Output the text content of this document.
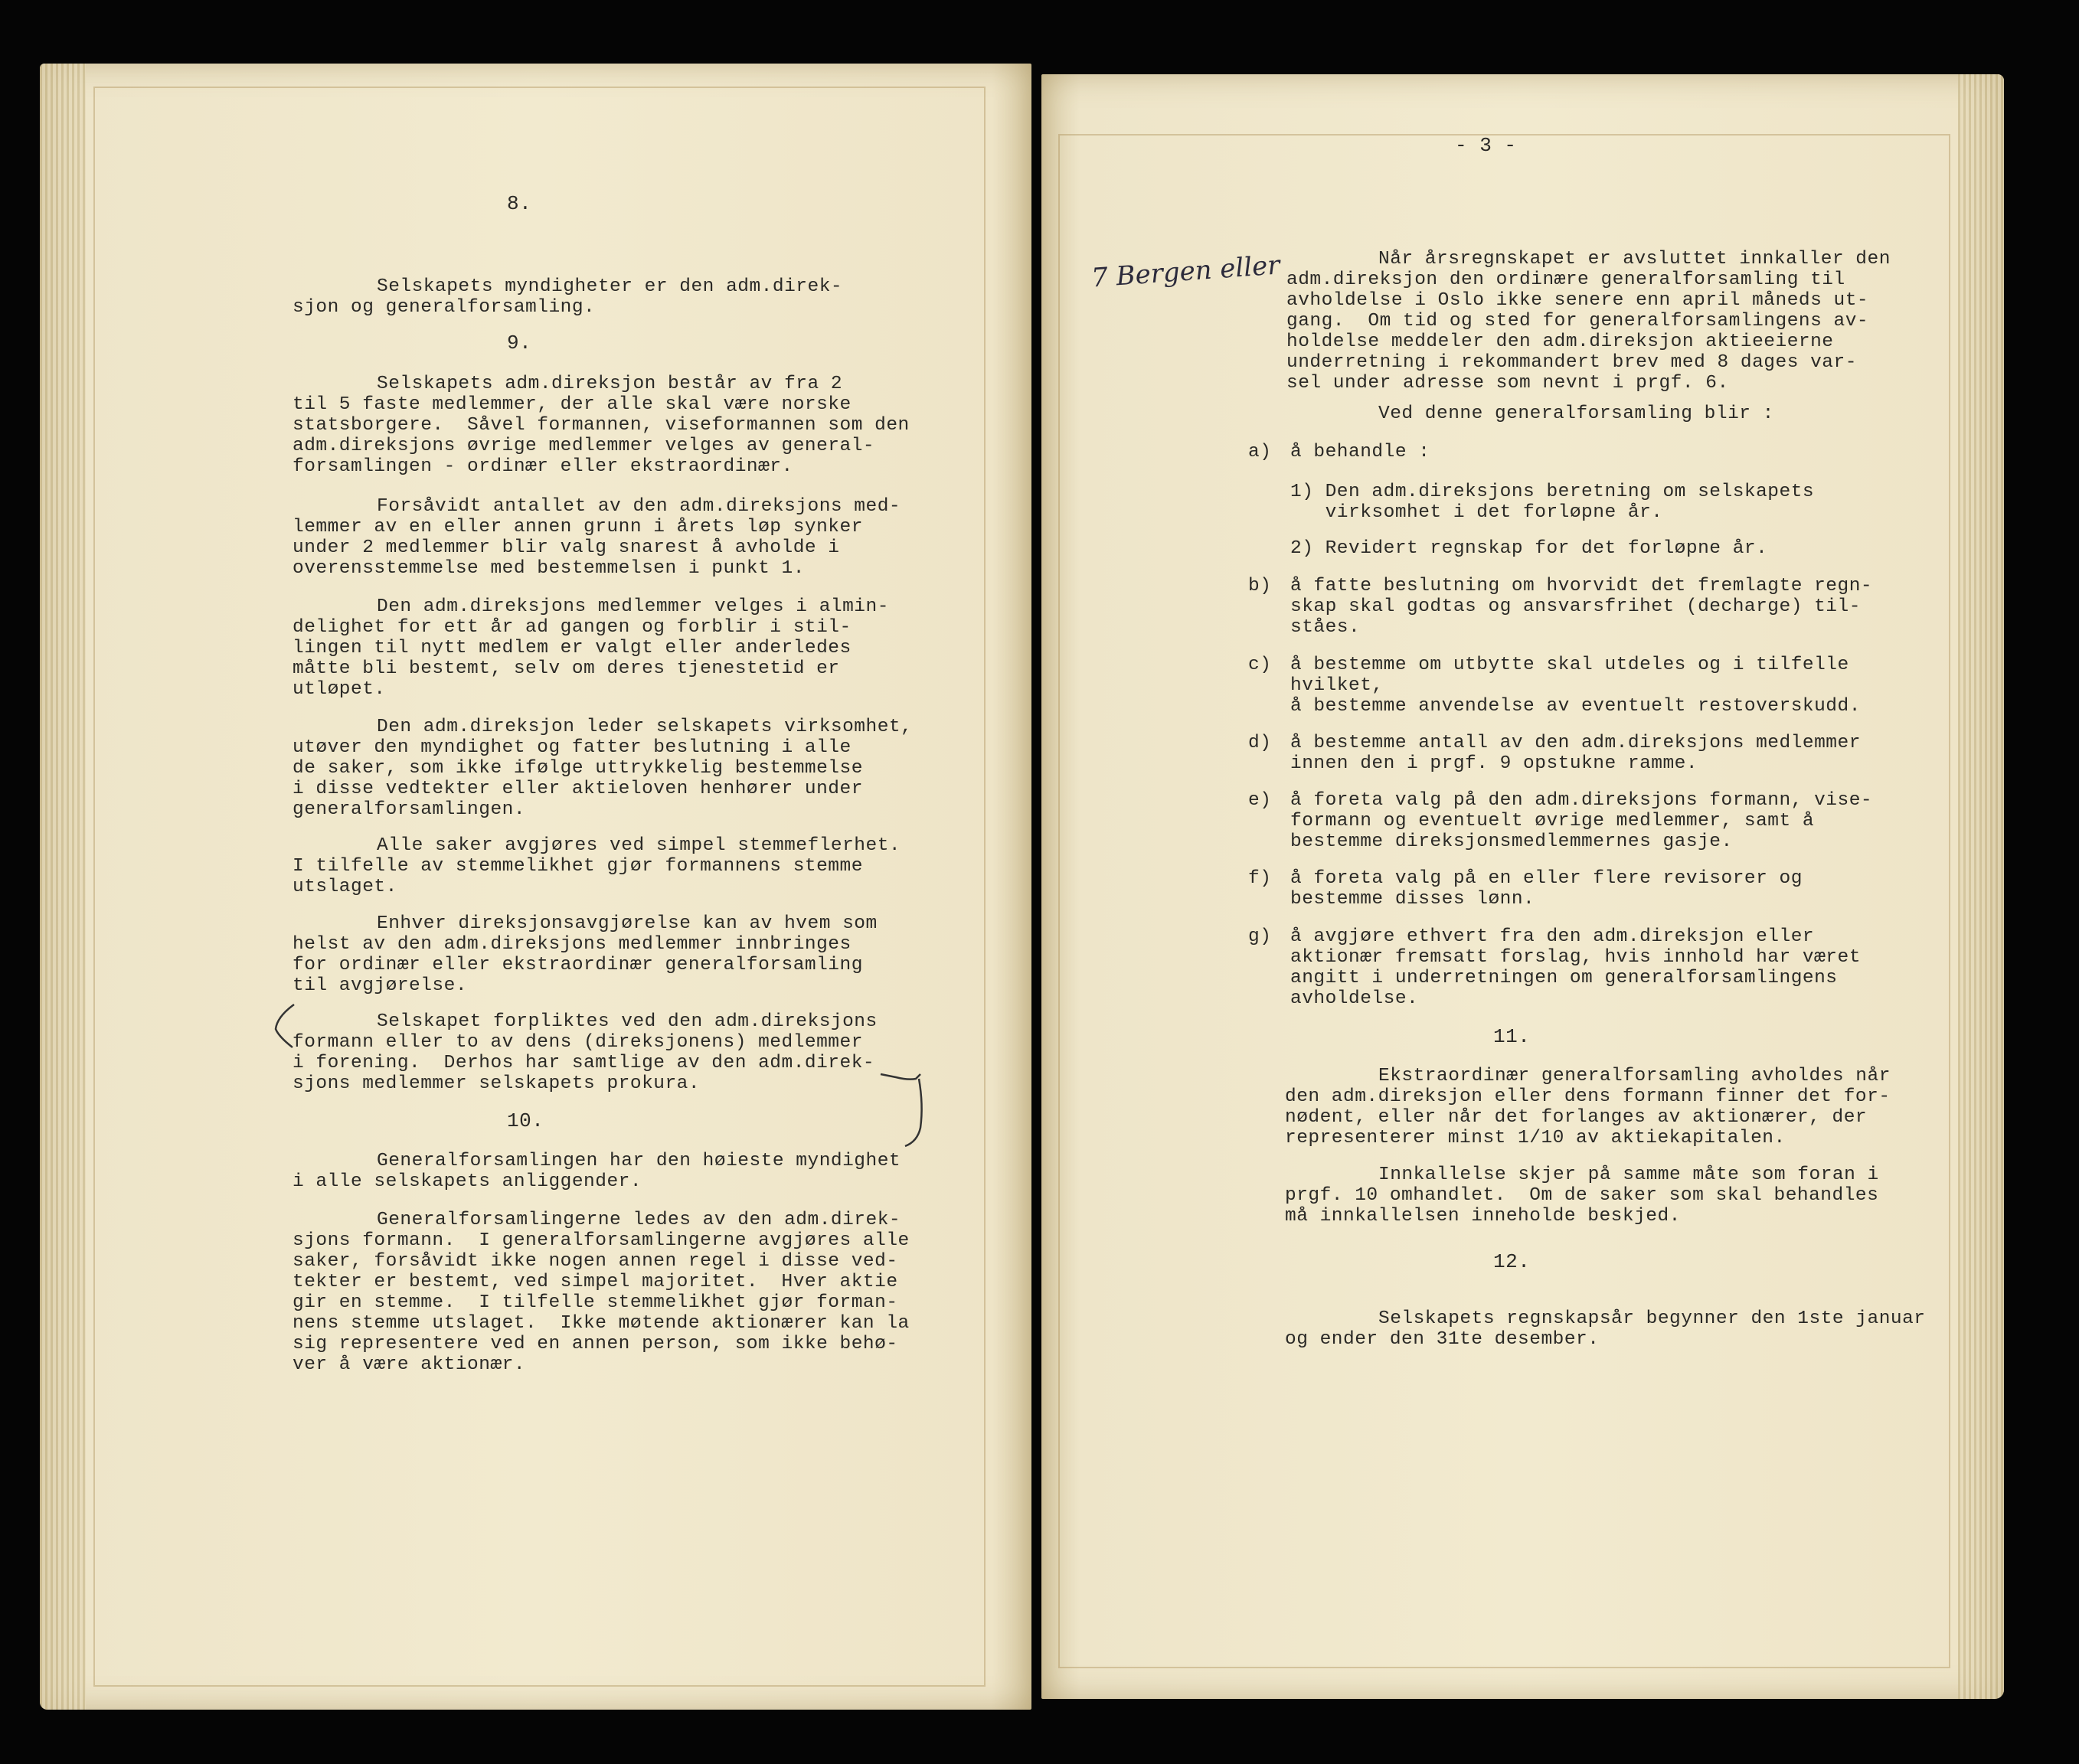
8.

Selskapets myndigheter er den adm.direk-

sjon og generalforsamling.

9.

Selskapets adm.direksjon består av fra 2

til 5 faste medlemmer, der alle skal være norske

statsborgere.  Såvel formannen, viseformannen som den

adm.direksjons øvrige medlemmer velges av general-

forsamlingen - ordinær eller ekstraordinær.

Forsåvidt antallet av den adm.direksjons med-

lemmer av en eller annen grunn i årets løp synker

under 2 medlemmer blir valg snarest å avholde i

overensstemmelse med bestemmelsen i punkt 1.

Den adm.direksjons medlemmer velges i almin-

delighet for ett år ad gangen og forblir i stil-

lingen til nytt medlem er valgt eller anderledes

måtte bli bestemt, selv om deres tjenestetid er

utløpet.

Den adm.direksjon leder selskapets virksomhet,

utøver den myndighet og fatter beslutning i alle

de saker, som ikke ifølge uttrykkelig bestemmelse

i disse vedtekter eller aktieloven henhører under

generalforsamlingen.

Alle saker avgjøres ved simpel stemmeflerhet.

I tilfelle av stemmelikhet gjør formannens stemme

utslaget.

Enhver direksjonsavgjørelse kan av hvem som

helst av den adm.direksjons medlemmer innbringes

for ordinær eller ekstraordinær generalforsamling

til avgjørelse.

Selskapet forpliktes ved den adm.direksjons

formann eller to av dens (direksjonens) medlemmer

i forening.  Derhos har samtlige av den adm.direk-

sjons medlemmer selskapets prokura.

10.

Generalforsamlingen har den høieste myndighet

i alle selskapets anliggender.

Generalforsamlingerne ledes av den adm.direk-

sjons formann.  I generalforsamlingerne avgjøres alle

saker, forsåvidt ikke nogen annen regel i disse ved-

tekter er bestemt, ved simpel majoritet.  Hver aktie

gir en stemme.  I tilfelle stemmelikhet gjør forman-

nens stemme utslaget.  Ikke møtende aktionærer kan la

sig representere ved en annen person, som ikke behø-

ver å være aktionær.

- 3 -

7 Bergen eller	Når årsregnskapet er avsluttet innkaller den

adm.direksjon den ordinære generalforsamling til

avholdelse i Oslo ikke senere enn april måneds ut-

gang.  Om tid og sted for generalforsamlingens av-

holdelse meddeler den adm.direksjon aktieeierne

underretning i rekommandert brev med 8 dages var-

sel under adresse som nevnt i prgf. 6.

Ved denne generalforsamling blir :

a) å behandle :

1) Den adm.direksjons beretning om selskapets

virksomhet i det forløpne år.

2) Revidert regnskap for det forløpne år.

b) å fatte beslutning om hvorvidt det fremlagte regn-

skap skal godtas og ansvarsfrihet (decharge) til-

ståes.

c) å bestemme om utbytte skal utdeles og i tilfelle

hvilket,

å bestemme anvendelse av eventuelt restoverskudd.

d) å bestemme antall av den adm.direksjons medlemmer

innen den i prgf. 9 opstukne ramme.

e) å foreta valg på den adm.direksjons formann, vise-

formann og eventuelt øvrige medlemmer, samt å

bestemme direksjonsmedlemmernes gasje.

f) å foreta valg på en eller flere revisorer og

bestemme disses lønn.

g) å avgjøre ethvert fra den adm.direksjon eller

aktionær fremsatt forslag, hvis innhold har været

angitt i underretningen om generalforsamlingens

avholdelse.

11.

Ekstraordinær generalforsamling avholdes når

den adm.direksjon eller dens formann finner det for-

nødent, eller når det forlanges av aktionærer, der

representerer minst 1/10 av aktiekapitalen.

Innkallelse skjer på samme måte som foran i

prgf. 10 omhandlet.  Om de saker som skal behandles

må innkallelsen inneholde beskjed.

12.

Selskapets regnskapsår begynner den 1ste januar

og ender den 31te desember.
